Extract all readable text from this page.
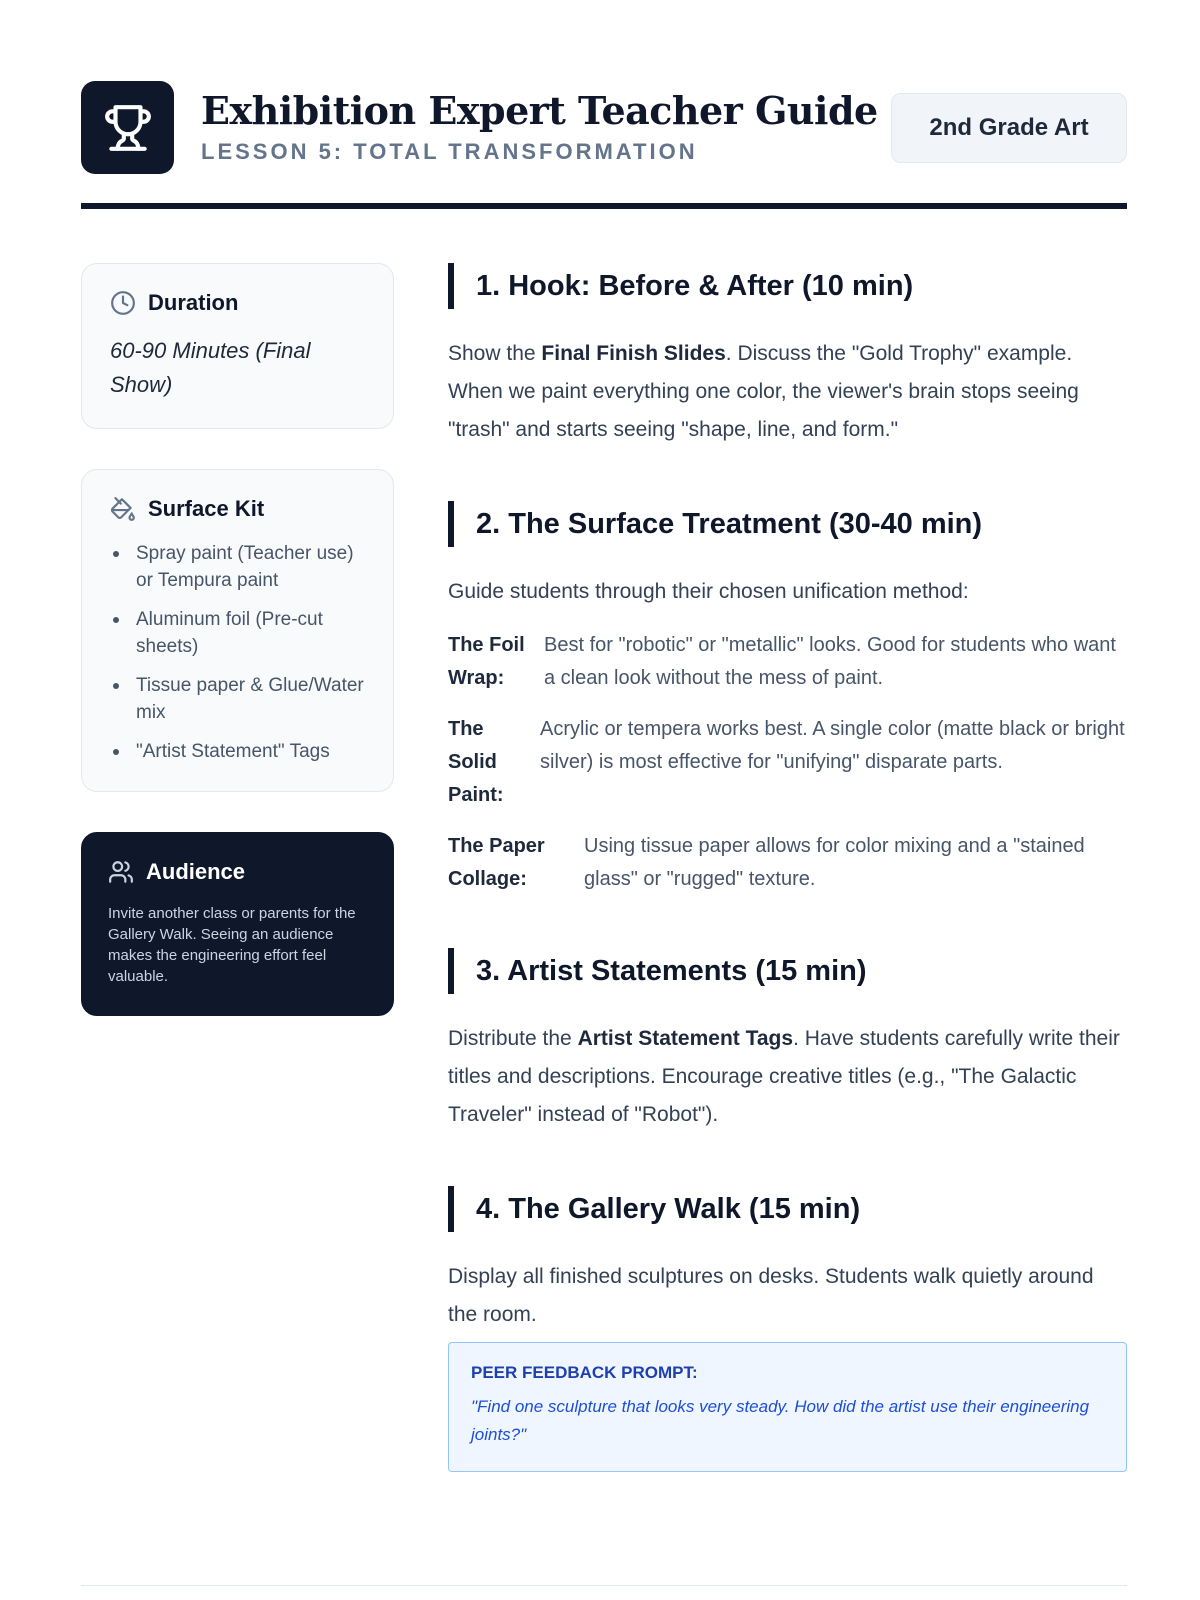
Exhibition Expert Teacher Guide
LESSON 5: TOTAL TRANSFORMATION
2nd Grade Art
Duration
60-90 Minutes (Final Show)
Surface Kit
Spray paint (Teacher use) or Tempura paint
Aluminum foil (Pre-cut sheets)
Tissue paper & Glue/Water mix
"Artist Statement" Tags
Audience
Invite another class or parents for the Gallery Walk. Seeing an audience makes the engineering effort feel valuable.
1. Hook: Before & After (10 min)

Show the Final Finish Slides. Discuss the "Gold Trophy" example. When we paint everything one color, the viewer's brain stops seeing "trash" and starts seeing "shape, line, and form."

2. The Surface Treatment (30-40 min)

Guide students through their chosen unification method:

The Foil Wrap:
Best for "robotic" or "metallic" looks. Good for students who want a clean look without the mess of paint.
The Solid Paint:
Acrylic or tempera works best. A single color (matte black or bright silver) is most effective for "unifying" disparate parts.
The Paper Collage:
Using tissue paper allows for color mixing and a "stained glass" or "rugged" texture.
3. Artist Statements (15 min)

Distribute the Artist Statement Tags. Have students carefully write their titles and descriptions. Encourage creative titles (e.g., "The Galactic Traveler" instead of "Robot").

4. The Gallery Walk (15 min)

Display all finished sculptures on desks. Students walk quietly around the room.

PEER FEEDBACK PROMPT:
"Find one sculpture that looks very steady. How did the artist use their engineering joints?"
